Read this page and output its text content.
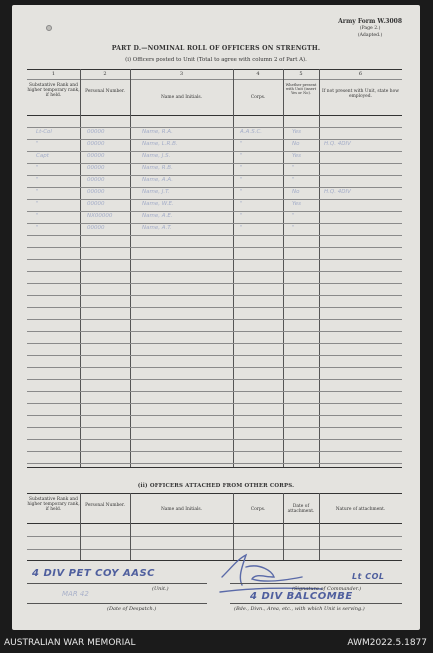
Army Form W.3008
(Page 2.)
(Adapted.)
PART D.—NOMINAL ROLL OF OFFICERS ON STRENGTH.
(i) Officers posted to Unit (Total to agree with column 2 of Part A).
1	2	3	4	5	6
Substantive Rank and higher temporary rank, if held.
Personal Number.
Name and Initials.	Corps.
Whether present with Unit (insert Yes or No).	If not present with Unit, state how employed.
Lt-Col	00000	Name, R.A.	A.A.S.C.	Yes
"	00000	Name, L.R.B.	"	No	H.Q. 4DIV
Capt	00000	Name, J.S.	"	Yes
"	00000	Name, R.B.	"	"
"	00000	Name, A.A.	"	"
"	00000	Name, J.T.	"	No	H.Q. 4DIV
"	00000	Name, W.E.	"	Yes
"	NX00000	Name, A.E.	"	"
"	00000	Name, A.T.	"	"
(ii) OFFICERS ATTACHED FROM OTHER CORPS.
Substantive Rank and higher temporary rank, if held.
Personal Number.
Name and Initials.	Corps.
Date of attachment.	Nature of attachment.
4 DIV PET COY AASC
(Unit.)
Lt COL
(Signature of Commander.)
MAR 42
(Date of Despatch.)
4 DIV BALCOMBE
(Bde., Divn., Area, etc., with which Unit is serving.)
AUSTRALIAN WAR MEMORIAL	AWM2022.5.1877
